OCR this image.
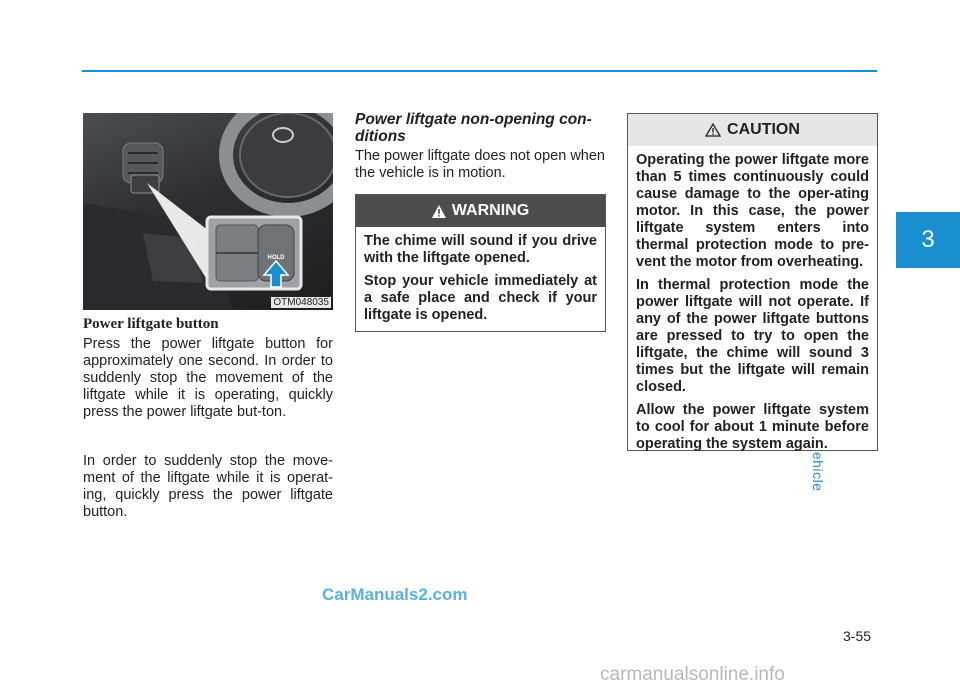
3
HOLD
OTM048035
Power liftgate button

Press the power liftgate button for approximately one second. In order to suddenly stop the movement of the liftgate while it is operating, quickly press the power liftgate but-ton.

In order to suddenly stop the move-ment of the liftgate while it is operat-ing, quickly press the power liftgate button.

Power liftgate non-opening con-ditions

The power liftgate does not open when the vehicle is in motion.

WARNING

The chime will sound if you drive with the liftgate opened.

Stop your vehicle immediately at a safe place and check if your liftgate is opened.

CAUTION

Operating the power liftgate more than 5 times continuously could cause damage to the oper-ating motor. In this case, the power liftgate system enters into thermal protection mode to pre-vent the motor from overheating.

In thermal protection mode the power liftgate will not operate. If any of the power liftgate buttons are pressed to try to open the liftgate, the chime will sound 3 times but the liftgate will remain closed.

Allow the power liftgate system to cool for about 1 minute before operating the system again.

3-55
CarManuals2.com
carmanualsonline.info
